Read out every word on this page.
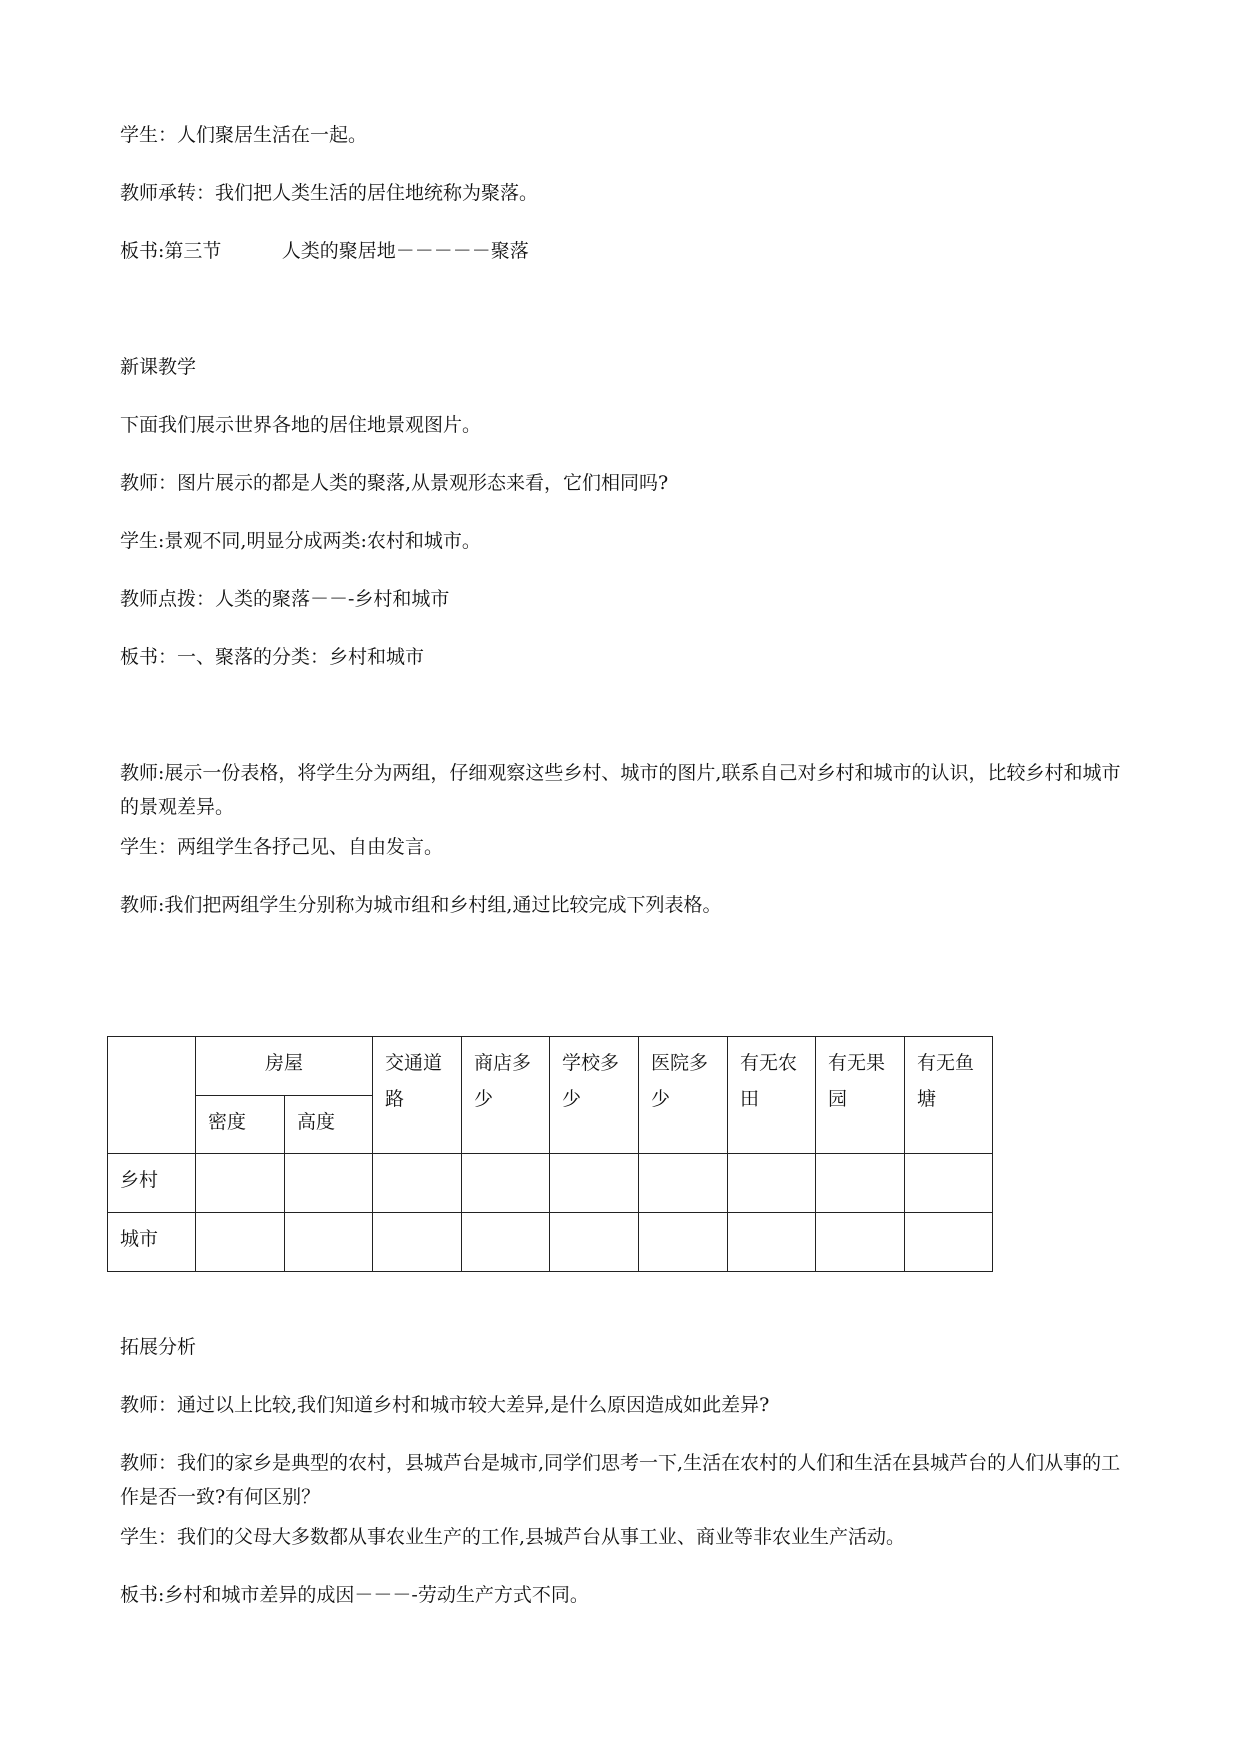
学生：人们聚居生活在一起。
教师承转：我们把人类生活的居住地统称为聚落。
板书:第三节          人类的聚居地－－－－－聚落
新课教学
下面我们展示世界各地的居住地景观图片。
教师：图片展示的都是人类的聚落,从景观形态来看，它们相同吗?
学生:景观不同,明显分成两类:农村和城市。
教师点拨：人类的聚落－－-乡村和城市
板书：一、聚落的分类：乡村和城市
教师:展示一份表格，将学生分为两组，仔细观察这些乡村、城市的图片,联系自己对乡村和城市的认识，比较乡村和城市的景观差异。
学生：两组学生各抒己见、自由发言。
教师:我们把两组学生分别称为城市组和乡村组,通过比较完成下列表格。
	房屋		交通道路	商店多少	学校多少	医院多少	有无农田	有无果园	有无鱼塘
	密度	高度							
乡村									
城市									
拓展分析
教师：通过以上比较,我们知道乡村和城市较大差异,是什么原因造成如此差异?
教师：我们的家乡是典型的农村，县城芦台是城市,同学们思考一下,生活在农村的人们和生活在县城芦台的人们从事的工作是否一致?有何区别？
学生：我们的父母大多数都从事农业生产的工作,县城芦台从事工业、商业等非农业生产活动。
板书:乡村和城市差异的成因－－－-劳动生产方式不同。
